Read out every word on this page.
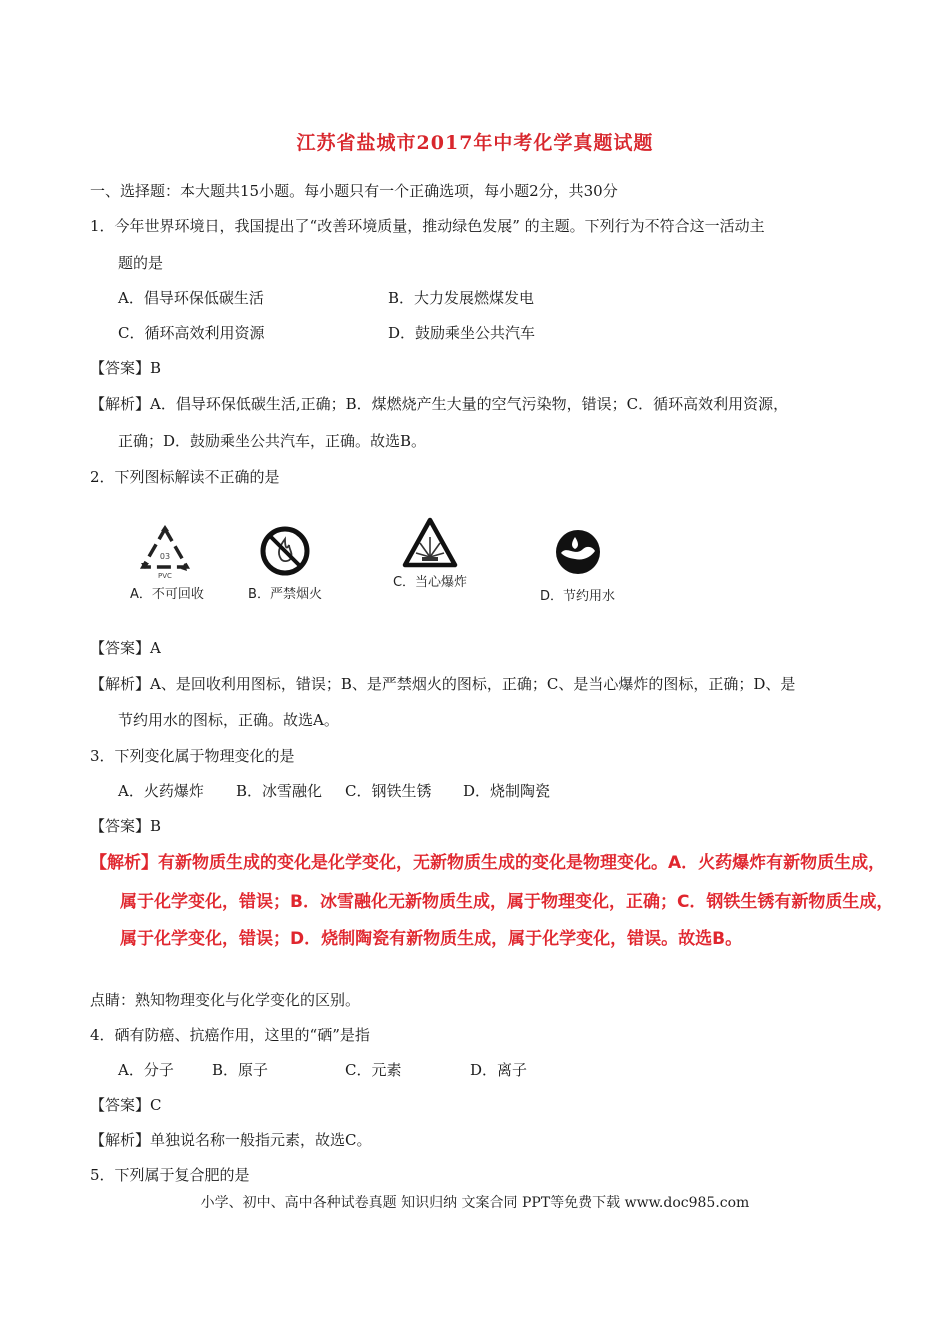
江苏省盐城市2017年中考化学真题试题
一、选择题：本大题共15小题。每小题只有一个正确选项，每小题2分，共30分
1．今年世界环境日，我国提出了“改善环境质量，推动绿色发展” 的主题。下列行为不符合这一活动主
题的是
A．倡导环保低碳生活	B．大力发展燃煤发电
C．循环高效利用资源	D．鼓励乘坐公共汽车
【答案】B
【解析】A．倡导环保低碳生活,正确；B．煤燃烧产生大量的空气污染物，错误；C．循环高效利用资源，
正确；D．鼓励乘坐公共汽车，正确。故选B。
2．下列图标解读不正确的是
03
PVC
A．不可回收	B．严禁烟火
C．当心爆炸
D．节约用水
【答案】A
【解析】A、是回收利用图标，错误；B、是严禁烟火的图标，正确；C、是当心爆炸的图标，正确；D、是
节约用水的图标，正确。故选A。
3．下列变化属于物理变化的是
A．火药爆炸 B．冰雪融化 C．钢铁生锈 D．烧制陶瓷
【答案】B
【解析】有新物质生成的变化是化学变化，无新物质生成的变化是物理变化。A．火药爆炸有新物质生成，
属于化学变化，错误；B．冰雪融化无新物质生成，属于物理变化，正确；C．钢铁生锈有新物质生成，
属于化学变化，错误；D．烧制陶瓷有新物质生成，属于化学变化，错误。故选B。
点睛：熟知物理变化与化学变化的区别。
4．硒有防癌、抗癌作用，这里的“硒”是指
A．分子	B．原子	C．元素	D．离子
【答案】C
【解析】单独说名称一般指元素，故选C。
5．下列属于复合肥的是
小学、初中、高中各种试卷真题 知识归纳 文案合同 PPT等免费下载 www.doc985.com
